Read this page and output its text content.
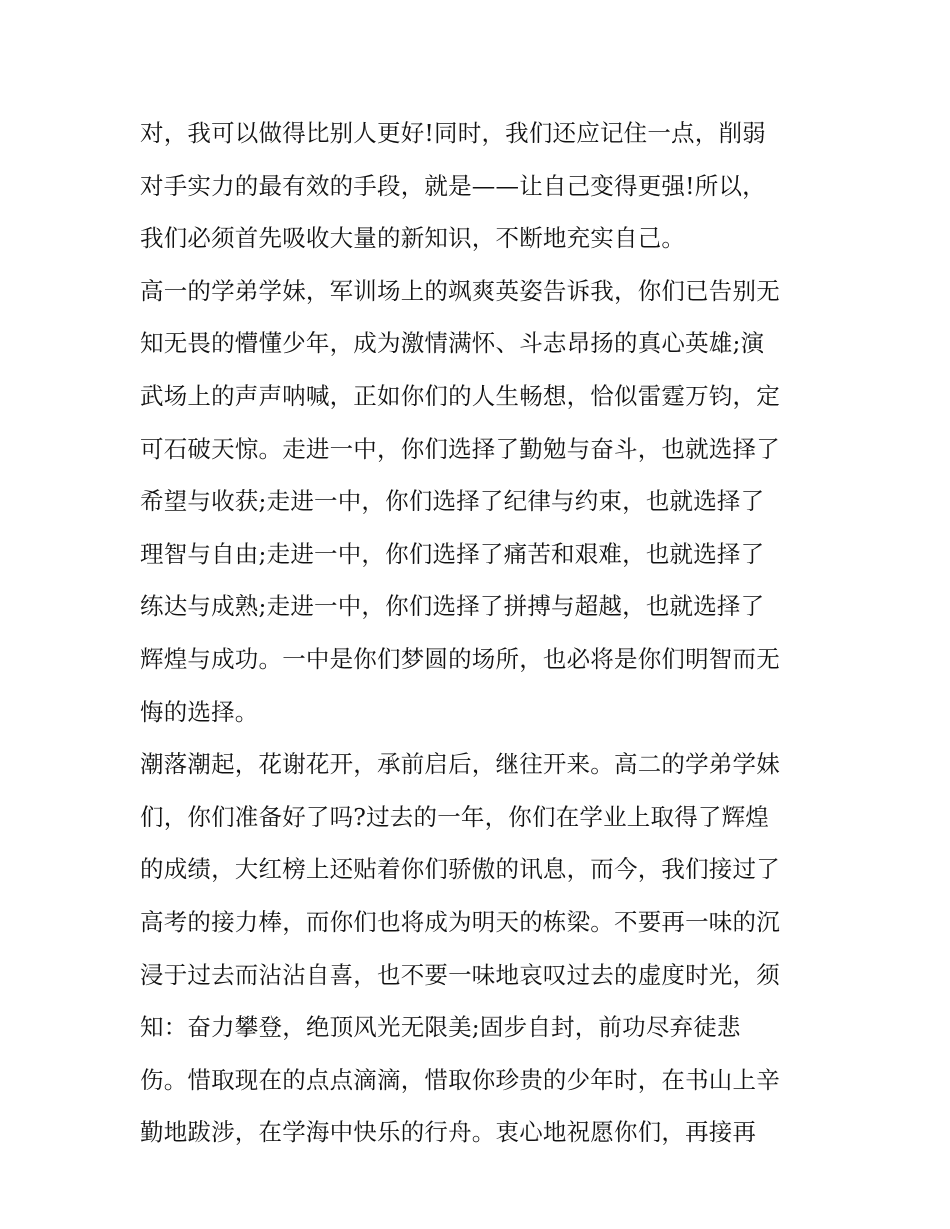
对，我可以做得比别人更好!同时，我们还应记住一点，削弱
对手实力的最有效的手段，就是——让自己变得更强!所以，
我们必须首先吸收大量的新知识，不断地充实自己。
高一的学弟学妹，军训场上的飒爽英姿告诉我，你们已告别无
知无畏的懵懂少年，成为激情满怀、斗志昂扬的真心英雄;演
武场上的声声呐喊，正如你们的人生畅想，恰似雷霆万钧，定
可石破天惊。走进一中，你们选择了勤勉与奋斗，也就选择了
希望与收获;走进一中，你们选择了纪律与约束，也就选择了
理智与自由;走进一中，你们选择了痛苦和艰难，也就选择了
练达与成熟;走进一中，你们选择了拼搏与超越，也就选择了
辉煌与成功。一中是你们梦圆的场所，也必将是你们明智而无
悔的选择。
潮落潮起，花谢花开，承前启后，继往开来。高二的学弟学妹
们，你们准备好了吗?过去的一年，你们在学业上取得了辉煌
的成绩，大红榜上还贴着你们骄傲的讯息，而今，我们接过了
高考的接力棒，而你们也将成为明天的栋梁。不要再一味的沉
浸于过去而沾沾自喜，也不要一味地哀叹过去的虚度时光，须
知：奋力攀登，绝顶风光无限美;固步自封，前功尽弃徒悲
伤。惜取现在的点点滴滴，惜取你珍贵的少年时，在书山上辛
勤地跋涉，在学海中快乐的行舟。衷心地祝愿你们，再接再
